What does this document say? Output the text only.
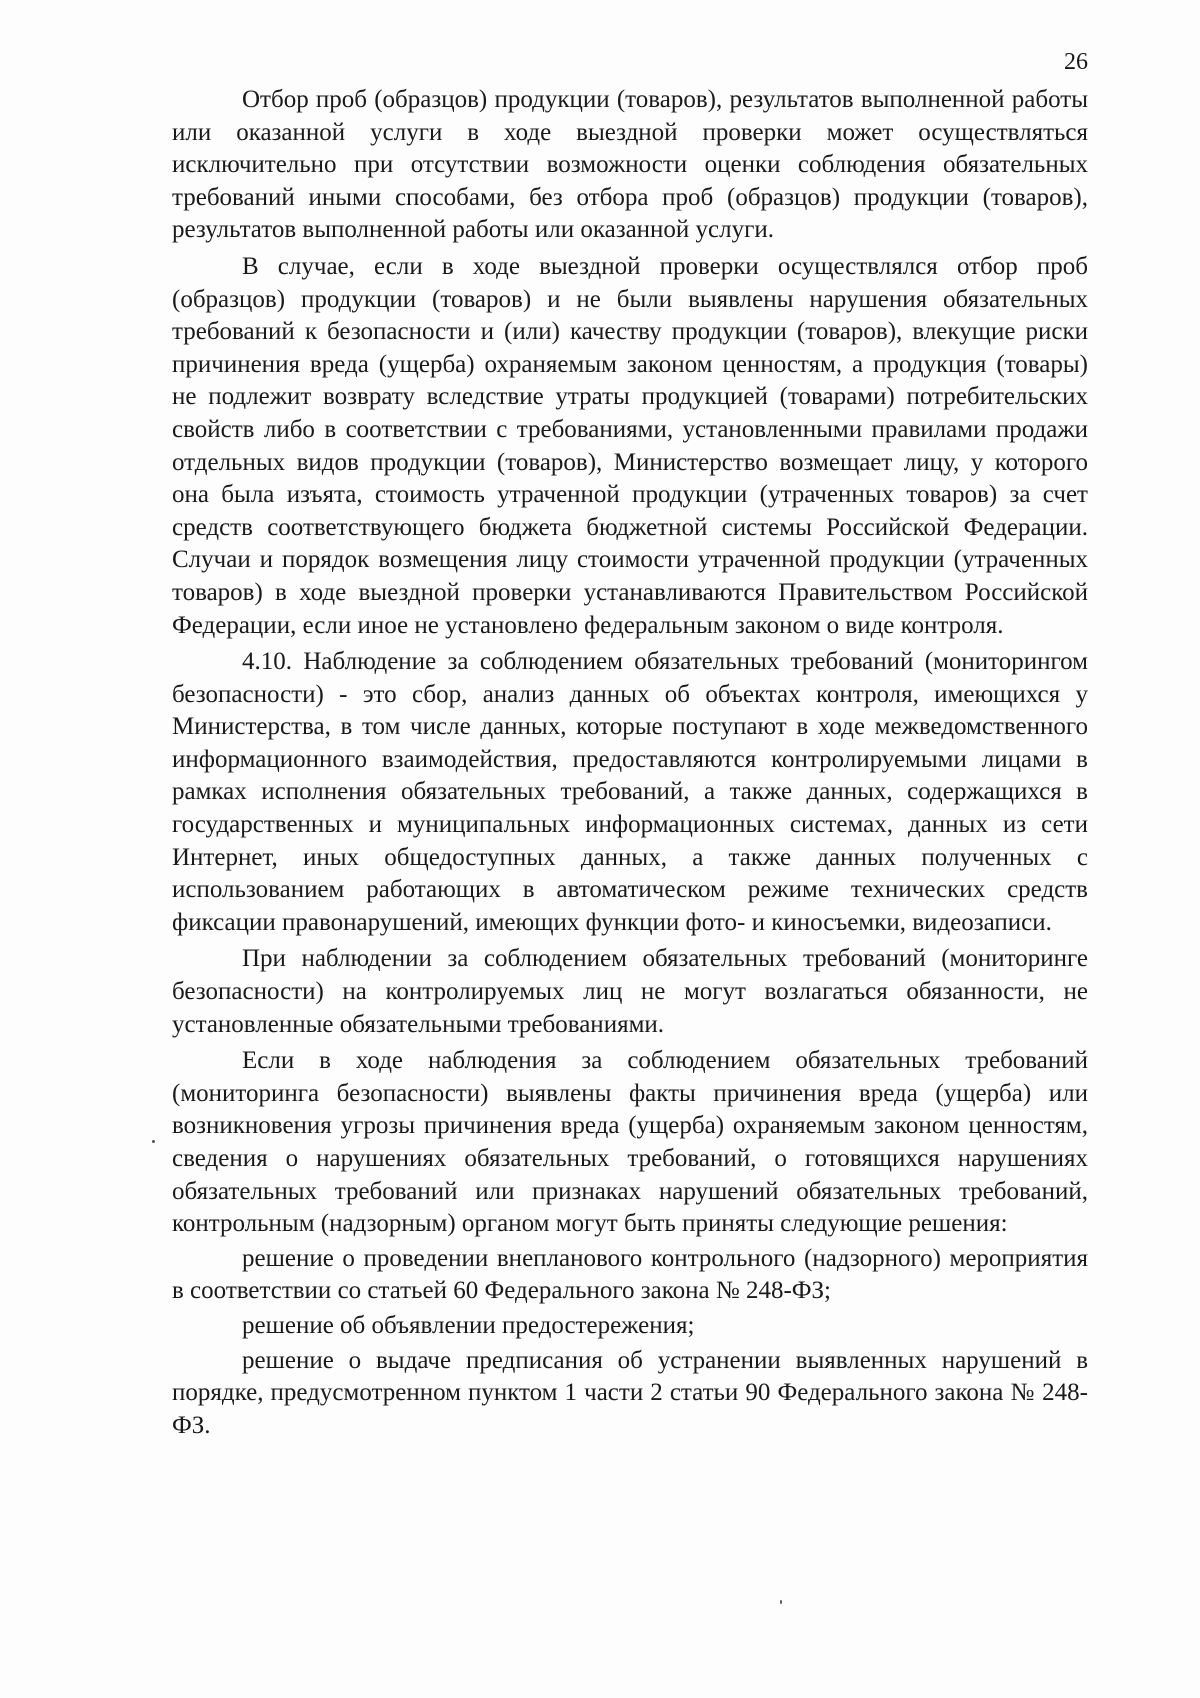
26

Отбор проб (образцов) продукции (товаров), результатов выполненной работы или оказанной услуги в ходе выездной проверки может осуществляться исключительно при отсутствии возможности оценки соблюдения обязательных требований иными способами, без отбора проб (образцов) продукции (товаров), результатов выполненной работы или оказанной услуги.

В случае, если в ходе выездной проверки осуществлялся отбор проб (образцов) продукции (товаров) и не были выявлены нарушения обязательных требований к безопасности и (или) качеству продукции (товаров), влекущие риски причинения вреда (ущерба) охраняемым законом ценностям, а продукция (товары) не подлежит возврату вследствие утраты продукцией (товарами) потребительских свойств либо в соответствии с требованиями, установленными правилами продажи отдельных видов продукции (товаров), Министерство возмещает лицу, у которого она была изъята, стоимость утраченной продукции (утраченных товаров) за счет средств соответствующего бюджета бюджетной системы Российской Федерации. Случаи и порядок возмещения лицу стоимости утраченной продукции (утраченных товаров) в ходе выездной проверки устанавливаются Правительством Российской Федерации, если иное не установлено федеральным законом о виде контроля.

4.10. Наблюдение за соблюдением обязательных требований (мониторингом безопасности) - это сбор, анализ данных об объектах контроля, имеющихся у Министерства, в том числе данных, которые поступают в ходе межведомственного информационного взаимодействия, предоставляются контролируемыми лицами в рамках исполнения обязательных требований, а также данных, содержащихся в государственных и муниципальных информационных системах, данных из сети Интернет, иных общедоступных данных, а также данных полученных с использованием работающих в автоматическом режиме технических средств фиксации правонарушений, имеющих функции фото- и киносъемки, видеозаписи.

При наблюдении за соблюдением обязательных требований (мониторинге безопасности) на контролируемых лиц не могут возлагаться обязанности, не установленные обязательными требованиями.

Если в ходе наблюдения за соблюдением обязательных требований (мониторинга безопасности) выявлены факты причинения вреда (ущерба) или возникновения угрозы причинения вреда (ущерба) охраняемым законом ценностям, сведения о нарушениях обязательных требований, о готовящихся нарушениях обязательных требований или признаках нарушений обязательных требований, контрольным (надзорным) органом могут быть приняты следующие решения:

решение о проведении внепланового контрольного (надзорного) мероприятия в соответствии со статьей 60 Федерального закона № 248-ФЗ;

решение об объявлении предостережения;

решение о выдаче предписания об устранении выявленных нарушений в порядке, предусмотренном пунктом 1 части 2 статьи 90 Федерального закона № 248-ФЗ.
